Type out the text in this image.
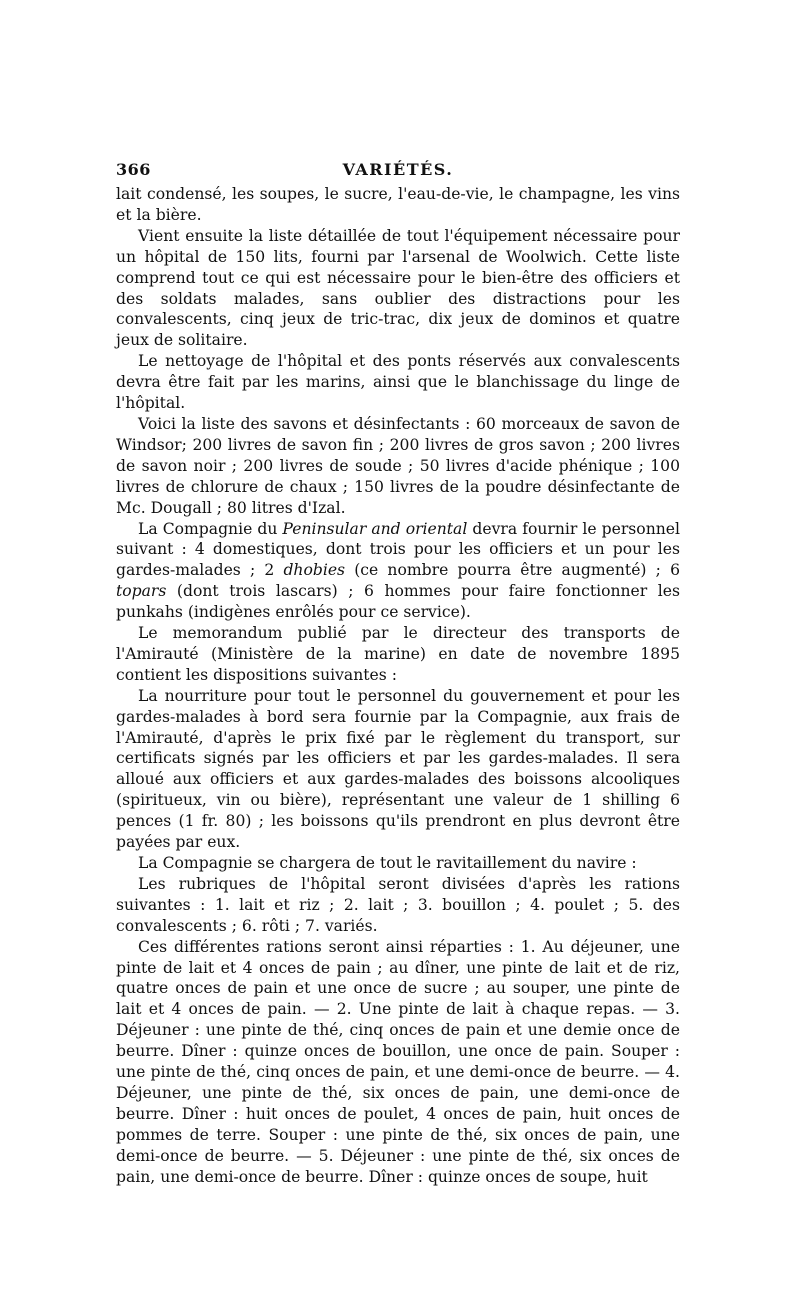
366	VARIÉTÉS.

lait condensé, les soupes, le sucre, l'eau-de-vie, le champagne, les vins et la bière.

Vient ensuite la liste détaillée de tout l'équipement nécessaire pour un hôpital de 150 lits, fourni par l'arsenal de Woolwich. Cette liste comprend tout ce qui est nécessaire pour le bien-être des officiers et des soldats malades, sans oublier des distractions pour les convalescents, cinq jeux de tric-trac, dix jeux de dominos et quatre jeux de solitaire.

Le nettoyage de l'hôpital et des ponts réservés aux convalescents devra être fait par les marins, ainsi que le blanchissage du linge de l'hôpital.

Voici la liste des savons et désinfectants : 60 morceaux de savon de Windsor; 200 livres de savon fin ; 200 livres de gros savon ; 200 livres de savon noir ; 200 livres de soude ; 50 livres d'acide phénique ; 100 livres de chlorure de chaux ; 150 livres de la poudre désinfectante de Mc. Dougall ; 80 litres d'Izal.

La Compagnie du Peninsular and oriental devra fournir le personnel suivant : 4 domestiques, dont trois pour les officiers et un pour les gardes-malades ; 2 dhobies (ce nombre pourra être augmenté) ; 6 topars (dont trois lascars) ; 6 hommes pour faire fonctionner les punkahs (indigènes enrôlés pour ce service).

Le memorandum publié par le directeur des transports de l'Amirauté (Ministère de la marine) en date de novembre 1895 contient les dispositions suivantes :

La nourriture pour tout le personnel du gouvernement et pour les gardes-malades à bord sera fournie par la Compagnie, aux frais de l'Amirauté, d'après le prix fixé par le règlement du transport, sur certificats signés par les officiers et par les gardes-malades. Il sera alloué aux officiers et aux gardes-malades des boissons alcooliques (spiritueux, vin ou bière), représentant une valeur de 1 shilling 6 pences (1 fr. 80) ; les boissons qu'ils prendront en plus devront être payées par eux.

La Compagnie se chargera de tout le ravitaillement du navire :

Les rubriques de l'hôpital seront divisées d'après les rations suivantes : 1. lait et riz ; 2. lait ; 3. bouillon ; 4. poulet ; 5. des convalescents ; 6. rôti ; 7. variés.

Ces différentes rations seront ainsi réparties : 1. Au déjeuner, une pinte de lait et 4 onces de pain ; au dîner, une pinte de lait et de riz, quatre onces de pain et une once de sucre ; au souper, une pinte de lait et 4 onces de pain. — 2. Une pinte de lait à chaque repas. — 3. Déjeuner : une pinte de thé, cinq onces de pain et une demie once de beurre. Dîner : quinze onces de bouillon, une once de pain. Souper : une pinte de thé, cinq onces de pain, et une demi-once de beurre. — 4. Déjeuner, une pinte de thé, six onces de pain, une demi-once de beurre. Dîner : huit onces de poulet, 4 onces de pain, huit onces de pommes de terre. Souper : une pinte de thé, six onces de pain, une demi-once de beurre. — 5. Déjeuner : une pinte de thé, six onces de pain, une demi-once de beurre. Dîner : quinze onces de soupe, huit
